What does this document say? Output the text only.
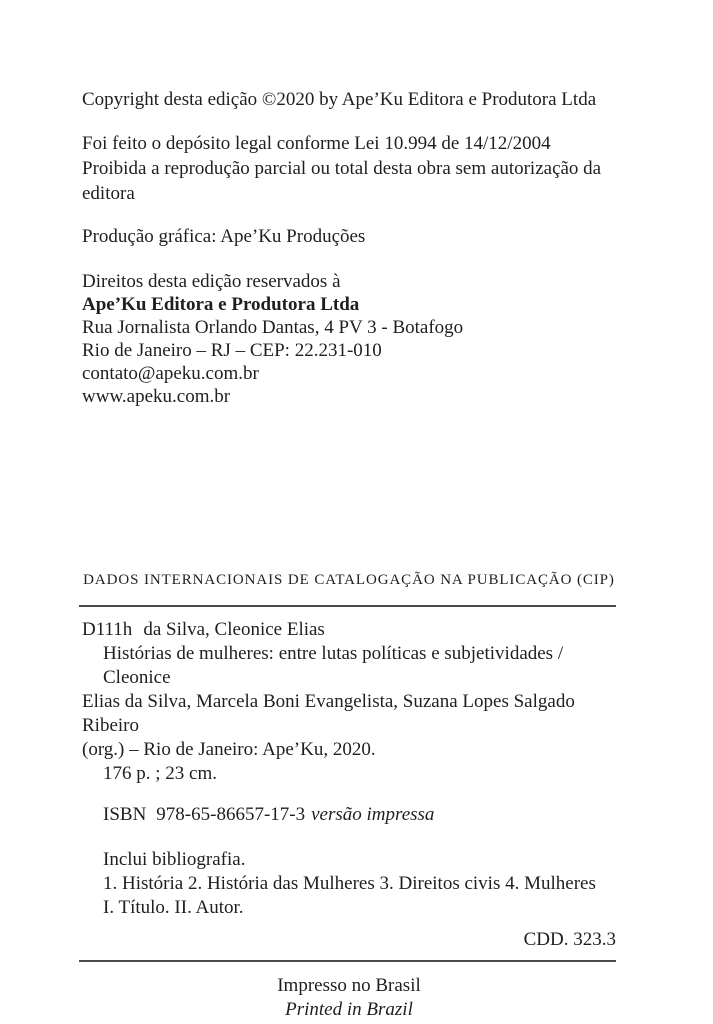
Copyright desta edição ©2020 by Ape’Ku Editora e Produtora Ltda
Foi feito o depósito legal conforme Lei 10.994 de 14/12/2004
Proibida a reprodução parcial ou total desta obra sem autorização da editora
Produção gráfica: Ape’Ku Produções
Direitos desta edição reservados à
Ape’Ku Editora e Produtora Ltda
Rua Jornalista Orlando Dantas, 4 PV 3 - Botafogo
Rio de Janeiro – RJ – CEP: 22.231-010
contato@apeku.com.br
www.apeku.com.br
DADOS INTERNACIONAIS DE CATALOGAÇÃO NA PUBLICAÇÃO (CIP)
D111h da Silva, Cleonice Elias
Histórias de mulheres: entre lutas políticas e subjetividades / Cleonice
Elias da Silva, Marcela Boni Evangelista, Suzana Lopes Salgado Ribeiro
(org.) – Rio de Janeiro: Ape’Ku, 2020.
176 p. ; 23 cm.
ISBN 978-65-86657-17-3 versão impressa
Inclui bibliografia.
1. História 2. História das Mulheres 3. Direitos civis 4. Mulheres
I. Título. II. Autor.
CDD. 323.3
Impresso no Brasil
Printed in Brazil
